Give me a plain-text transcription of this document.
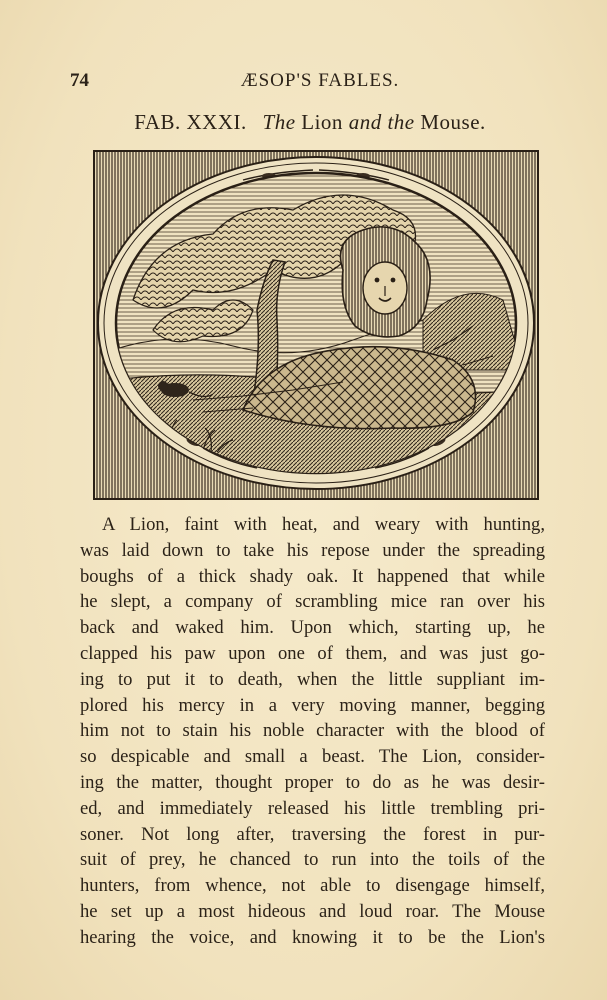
74	ÆSOP'S FABLES.
FAB. XXXI. The Lion and the Mouse.
A Lion, faint with heat, and weary with hunting,
was laid down to take his repose under the spreading
boughs of a thick shady oak. It happened that while
he slept, a company of scrambling mice ran over his
back and waked him. Upon which, starting up, he
clapped his paw upon one of them, and was just go-
ing to put it to death, when the little suppliant im-
plored his mercy in a very moving manner, begging
him not to stain his noble character with the blood of
so despicable and small a beast. The Lion, consider-
ing the matter, thought proper to do as he was desir-
ed, and immediately released his little trembling pri-
soner. Not long after, traversing the forest in pur-
suit of prey, he chanced to run into the toils of the
hunters, from whence, not able to disengage himself,
he set up a most hideous and loud roar. The Mouse
hearing the voice, and knowing it to be the Lion's
